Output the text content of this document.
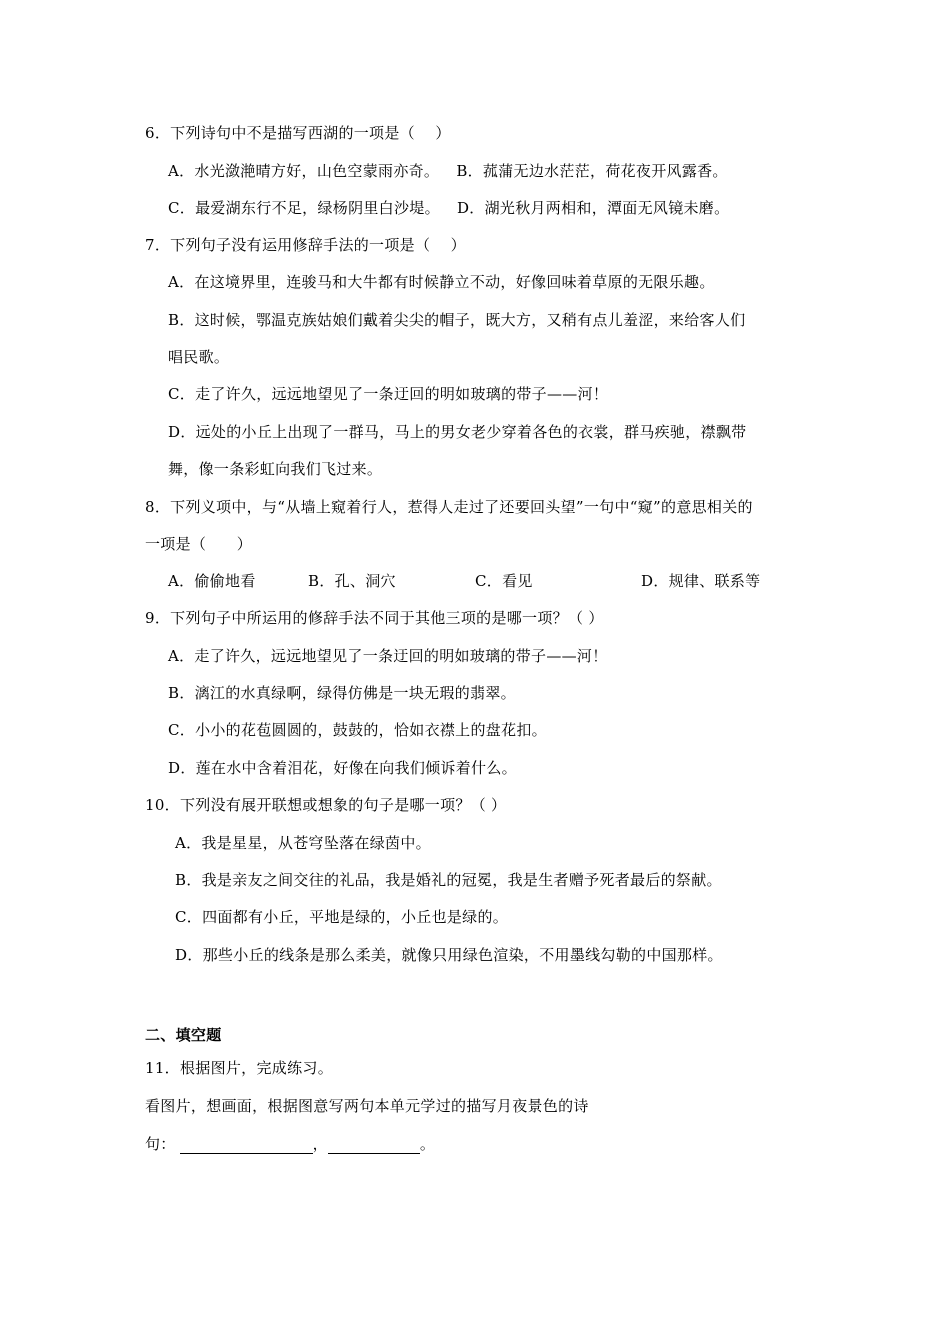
6．下列诗句中不是描写西湖的一项是（　 ）
A．水光潋滟晴方好，山色空蒙雨亦奇。 B．菰蒲无边水茫茫，荷花夜开风露香。
C．最爱湖东行不足，绿杨阴里白沙堤。 D．湖光秋月两相和，潭面无风镜未磨。
7．下列句子没有运用修辞手法的一项是（　 ）
A．在这境界里，连骏马和大牛都有时候静立不动，好像回味着草原的无限乐趣。
B．这时候，鄂温克族姑娘们戴着尖尖的帽子，既大方，又稍有点儿羞涩，来给客人们
唱民歌。
C．走了许久，远远地望见了一条迂回的明如玻璃的带子——河！
D．远处的小丘上出现了一群马，马上的男女老少穿着各色的衣裳，群马疾驰，襟飘带
舞，像一条彩虹向我们飞过来。
8．下列义项中，与“从墙上窥着行人，惹得人走过了还要回头望”一句中“窥”的意思相关的
一项是（　　）
A．偷偷地看	B．孔、洞穴	C．看见	D．规律、联系等
9．下列句子中所运用的修辞手法不同于其他三项的是哪一项？（ ）
A．走了许久，远远地望见了一条迂回的明如玻璃的带子——河！
B．漓江的水真绿啊，绿得仿佛是一块无瑕的翡翠。
C．小小的花苞圆圆的，鼓鼓的，恰如衣襟上的盘花扣。
D．莲在水中含着泪花，好像在向我们倾诉着什么。
10．下列没有展开联想或想象的句子是哪一项？（ ）
A．我是星星，从苍穹坠落在绿茵中。
B．我是亲友之间交往的礼品，我是婚礼的冠冕，我是生者赠予死者最后的祭献。
C．四面都有小丘，平地是绿的，小丘也是绿的。
D．那些小丘的线条是那么柔美，就像只用绿色渲染，不用墨线勾勒的中国那样。
二、填空题
11．根据图片，完成练习。
看图片，想画面，根据图意写两句本单元学过的描写月夜景色的诗
句：	，	。
